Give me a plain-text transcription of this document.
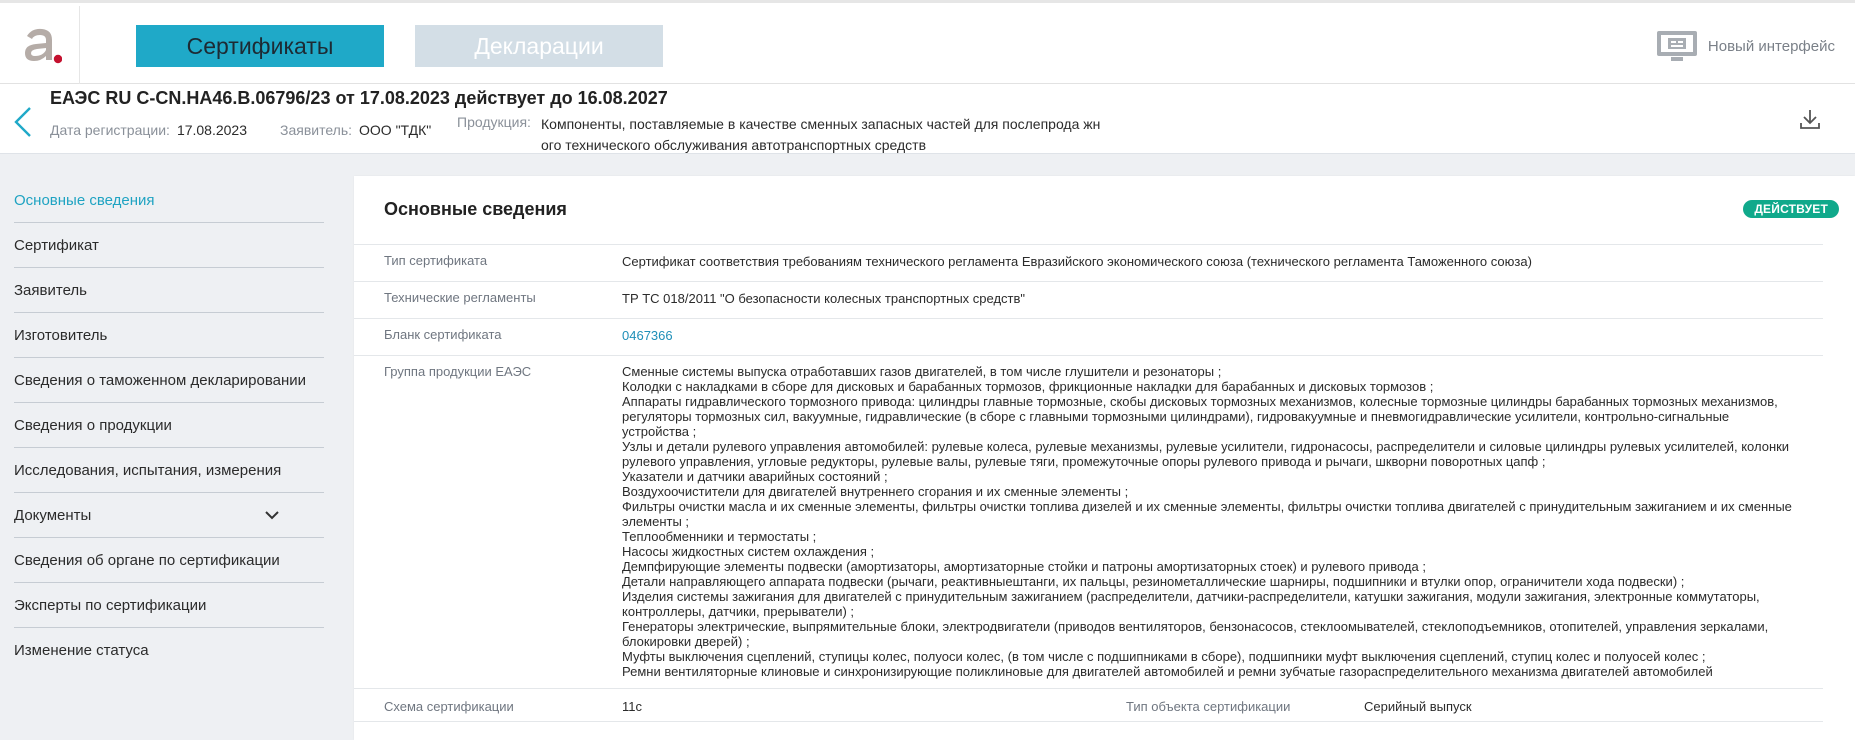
Сертификаты	Декларации	Новый интерфейс
ЕАЭС RU C-CN.НА46.В.06796/23 от 17.08.2023 действует до 16.08.2027
Дата регистрации: 17.08.2023 Заявитель: ООО "ТДК" Продукция: Компоненты, поставляемые в качестве сменных запасных частей для послепрода жного технического обслуживания автотранспортных средств
Основные сведения
Сертификат
Заявитель
Изготовитель
Сведения о таможенном декларировании
Сведения о продукции
Исследования, испытания, измерения
Документы
Сведения об органе по сертификации
Эксперты по сертификации
Изменение статуса
Основные сведения	ДЕЙСТВУЕТ
Тип сертификата	Сертификат соответствия требованиям технического регламента Евразийского экономического союза (технического регламента Таможенного союза)
Технические регламенты	ТР ТС 018/2011 "О безопасности колесных транспортных средств"
Бланк сертификата	0467366
Группа продукции ЕАЭС	Сменные системы выпуска отработавших газов двигателей, в том числе глушители и резонаторы ;
Колодки с накладками в сборе для дисковых и барабанных тормозов, фрикционные накладки для барабанных и дисковых тормозов ;
Аппараты гидравлического тормозного привода: цилиндры главные тормозные, скобы дисковых тормозных механизмов, колесные тормозные цилиндры барабанных тормозных механизмов,
регуляторы тормозных сил, вакуумные, гидравлические (в сборе с главными тормозными цилиндрами), гидровакуумные и пневмогидравлические усилители, контрольно-сигнальные
устройства ;
Узлы и детали рулевого управления автомобилей: рулевые колеса, рулевые механизмы, рулевые усилители, гидронасосы, распределители и силовые цилиндры рулевых усилителей, колонки
рулевого управления, угловые редукторы, рулевые валы, рулевые тяги, промежуточные опоры рулевого привода и рычаги, шкворни поворотных цапф ;
Указатели и датчики аварийных состояний ;
Воздухоочистители для двигателей внутреннего сгорания и их сменные элементы ;
Фильтры очистки масла и их сменные элементы, фильтры очистки топлива дизелей и их сменные элементы, фильтры очистки топлива двигателей с принудительным зажиганием и их сменные
элементы ;
Теплообменники и термостаты ;
Насосы жидкостных систем охлаждения ;
Демпфирующие элементы подвески (амортизаторы, амортизаторные стойки и патроны амортизаторных стоек) и рулевого привода ;
Детали направляющего аппарата подвески (рычаги, реактивныештанги, их пальцы, резинометаллические шарниры, подшипники и втулки опор, ограничители хода подвески) ;
Изделия системы зажигания для двигателей с принудительным зажиганием (распределители, датчики-распределители, катушки зажигания, модули зажигания, электронные коммутаторы,
контроллеры, датчики, прерыватели) ;
Генераторы электрические, выпрямительные блоки, электродвигатели (приводов вентиляторов, бензонасосов, стеклоомывателей, стеклоподъемников, отопителей, управления зеркалами,
блокировки дверей) ;
Муфты выключения сцеплений, ступицы колес, полуоси колес, (в том числе с подшипниками в сборе), подшипники муфт выключения сцеплений, ступиц колес и полуосей колес ;
Ремни вентиляторные клиновые и синхронизирующие поликлиновые для двигателей автомобилей и ремни зубчатые газораспределительного механизма двигателей автомобилей
Схема сертификации	11с	Тип объекта сертификации	Серийный выпуск
